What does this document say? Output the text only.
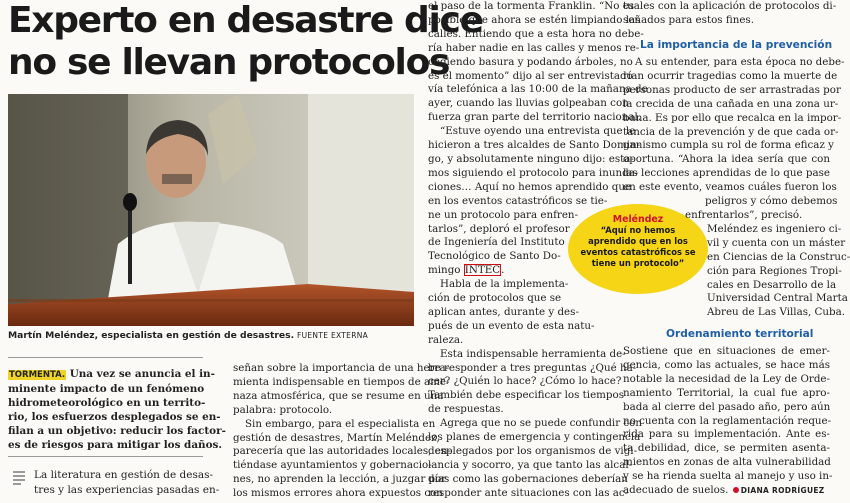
Experto en desastre dice
no se llevan protocolos
Martín Meléndez, especialista en gestión de desastres. FUENTE EXTERNA
TORMENTA. Una vez se anuncia el in-
minente impacto de un fenómeno
hidrometeorológico en un territo-
rio, los esfuerzos desplegados se en-
filan a un objetivo: reducir los factor-
es de riesgos para mitigar los daños.
La literatura en gestión de desas-
tres y las experiencias pasadas en-
señan sobre la importancia de una herra-
mienta indispensable en tiempos de ame-
naza atmosférica, que se resume en una
palabra: protocolo.
Sin embargo, para el especialista en
gestión de desastres, Martín Meléndez,
parecería que las autoridades locales, en-
tiéndase ayuntamientos y gobernacio-
nes, no aprenden la lección, a juzgar por
los mismos errores ahora expuestos con
el paso de la tormenta Franklin. “No es
posible que ahora se estén limpiando las
calles. Entiendo que a esta hora no debe-
ría haber nadie en las calles y menos re-
cogiendo basura y podando árboles, no
es el momento” dijo al ser entrevistado
vía telefónica a las 10:00 de la mañana de
ayer, cuando las lluvias golpeaban con
fuerza gran parte del territorio nacional.
“Estuve oyendo una entrevista que le
hicieron a tres alcaldes de Santo Domin-
go, y absolutamente ninguno dijo: esta-
mos siguiendo el protocolo para inunda-
ciones… Aquí no hemos aprendido que
en los eventos catastróficos se tie-
ne un protocolo para enfren-
tarlos”, deploró el profesor
de Ingeniería del Instituto
Tecnológico de Santo Do-
mingo INTEC.
Habla de la implementa-
ción de protocolos que se
aplican antes, durante y des-
pués de un evento de esta natu-
raleza.
Esta indispensable herramienta de-
be responder a tres preguntas ¿Qué ha-
cer? ¿Quién lo hace? ¿Cómo lo hace?
También debe especificar los tiempos
de respuestas.
Agrega que no se puede confundir con
los planes de emergencia y contingencia
desplegados por los organismos de vigi-
lancia y socorro, ya que tanto las alcal-
días como las gobernaciones deberían
responder ante situaciones con las ac-
Meléndez
“Aquí no hemos aprendido que en los eventos catastróficos se tiene un protocolo”
tuales con la aplicación de protocolos di-
señados para estos fines.
La importancia de la prevención
A su entender, para esta época no debe-
rían ocurrir tragedias como la muerte de
personas producto de ser arrastradas por
la crecida de una cañada en una zona ur-
bana. Es por ello que recalca en la impor-
tancia de la prevención y de que cada or-
ganismo cumpla su rol de forma eficaz y
oportuna. “Ahora la idea sería que con
las lecciones aprendidas de lo que pase
en este evento, veamos cuáles fueron los
peligros y cómo debemos
enfrentarlos”, precisó.
Meléndez es ingeniero ci-
vil y cuenta con un máster
en Ciencias de la Construc-
ción para Regiones Tropi-
cales en Desarrollo de la
Universidad Central Marta
Abreu de Las Villas, Cuba.
Ordenamiento territorial
Sostiene que en situaciones de emer-
gencia, como las actuales, se hace más
notable la necesidad de la Ley de Orde-
namiento Territorial, la cual fue apro-
bada al cierre del pasado año, pero aún
no cuenta con la reglamentación reque-
rida para su implementación. Ante es-
ta debilidad, dice, se permiten asenta-
mientos en zonas de alta vulnerabilidad
y se ha rienda suelta al manejo y uso in-
adecuado de suelos. DIANA RODRÍGUEZ
